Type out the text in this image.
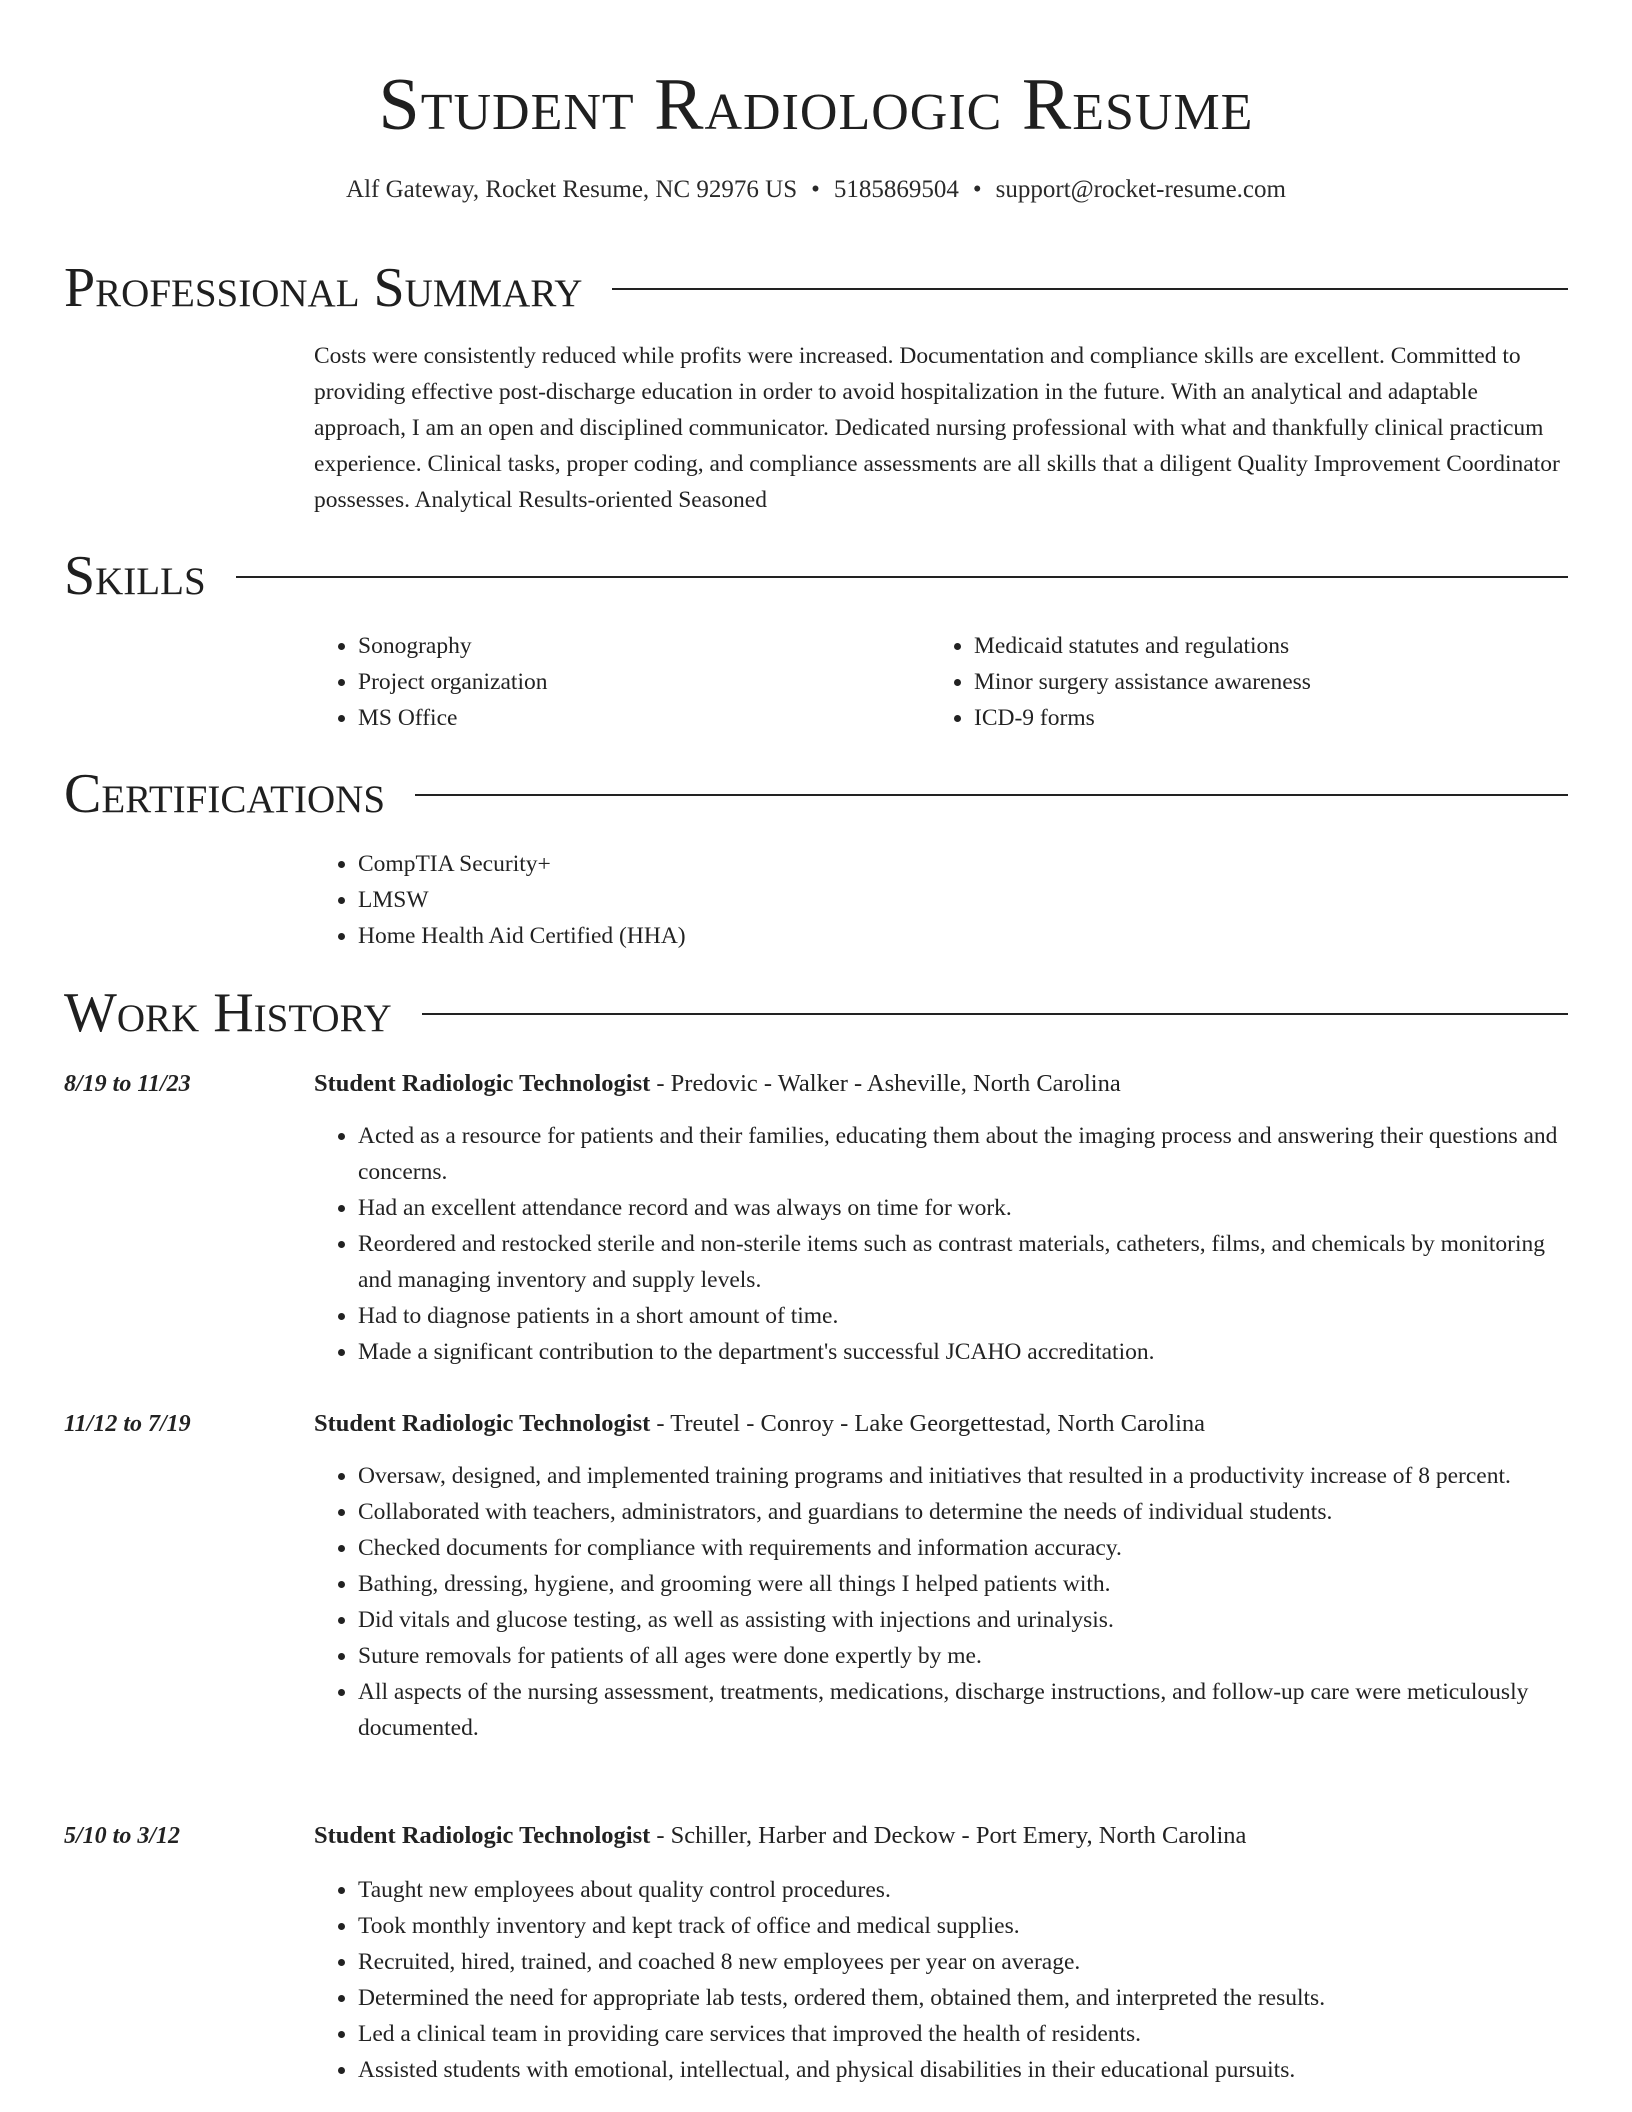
Student Radiologic Resume
Alf Gateway, Rocket Resume, NC 92976 US • 5185869504 • support@rocket-resume.com
Professional Summary

Costs were consistently reduced while profits were increased. Documentation and compliance skills are excellent. Committed to providing effective post-discharge education in order to avoid hospitalization in the future. With an analytical and adaptable approach, I am an open and disciplined communicator. Dedicated nursing professional with what and thankfully clinical practicum experience. Clinical tasks, proper coding, and compliance assessments are all skills that a diligent Quality Improvement Coordinator possesses. Analytical Results-oriented Seasoned

Skills
• Sonography
• Project organization
• MS Office
• Medicaid statutes and regulations
• Minor surgery assistance awareness
• ICD-9 forms
Certifications
• CompTIA Security+
• LMSW
• Home Health Aid Certified (HHA)
Work History
8/19 to 11/23	Student Radiologic Technologist - Predovic - Walker - Asheville, North Carolina
• Acted as a resource for patients and their families, educating them about the imaging process and answering their questions and concerns.
• Had an excellent attendance record and was always on time for work.
• Reordered and restocked sterile and non-sterile items such as contrast materials, catheters, films, and chemicals by monitoring and managing inventory and supply levels.
• Had to diagnose patients in a short amount of time.
• Made a significant contribution to the department's successful JCAHO accreditation.
11/12 to 7/19	Student Radiologic Technologist - Treutel - Conroy - Lake Georgettestad, North Carolina
• Oversaw, designed, and implemented training programs and initiatives that resulted in a productivity increase of 8 percent.
• Collaborated with teachers, administrators, and guardians to determine the needs of individual students.
• Checked documents for compliance with requirements and information accuracy.
• Bathing, dressing, hygiene, and grooming were all things I helped patients with.
• Did vitals and glucose testing, as well as assisting with injections and urinalysis.
• Suture removals for patients of all ages were done expertly by me.
• All aspects of the nursing assessment, treatments, medications, discharge instructions, and follow-up care were meticulously documented.
5/10 to 3/12	Student Radiologic Technologist - Schiller, Harber and Deckow - Port Emery, North Carolina
• Taught new employees about quality control procedures.
• Took monthly inventory and kept track of office and medical supplies.
• Recruited, hired, trained, and coached 8 new employees per year on average.
• Determined the need for appropriate lab tests, ordered them, obtained them, and interpreted the results.
• Led a clinical team in providing care services that improved the health of residents.
• Assisted students with emotional, intellectual, and physical disabilities in their educational pursuits.
